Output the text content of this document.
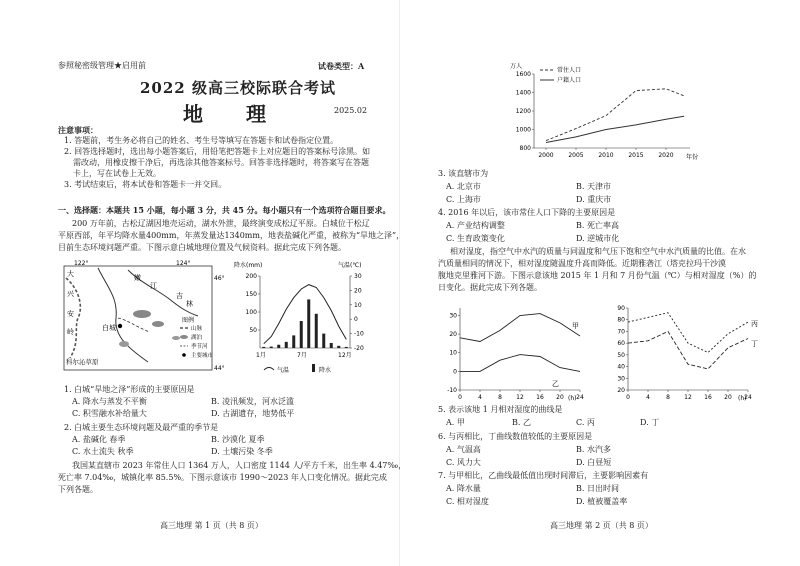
参照秘密级管理★启用前	试卷类型：A
2022 级高三校际联合考试
地 理	2025.02
注意事项：
1. 答题前，考生务必将自己的姓名、考生号等填写在答题卡和试卷指定位置。
2. 回答选择题时，选出每小题答案后，用铅笔把答题卡上对应题目的答案标号涂黑。如
需改动，用橡皮擦干净后，再选涂其他答案标号。回答非选择题时，将答案写在答题
卡上，写在试卷上无效。
3. 考试结束后，将本试卷和答题卡一并交回。
一、选择题：本题共 15 小题，每小题 3 分，共 45 分。每小题只有一个选项符合题目要求。
200 万年前，古松辽湖因地壳运动，湖水外泄，最终演变成松辽平原。白城位于松辽
平原西部，年平均降水量400mm，年蒸发量达1340mm，地表盐碱化严重，被称为“旱地之泽”，
目前生态环境问题严重。下图示意白城地理位置及气候资料。据此完成下列各题。
122°	124°
46°
44°
大
兴
安
岭
嫩
江
白城
吉
林
科尔沁草原
图例
山脉
湖泊
季节河
主要城市
降水(mm)	气温(℃)
200
150
100
50
30
20
10
0
-10
-20
1月	7月	12月
气温	降水
1. 白城“旱地之泽”形成的主要原因是
A. 降水与蒸发不平衡	B. 凌汛频发，河水泛滥
C. 积雪融水补给量大	D. 古湖遗存，地势低平
2. 白城主要生态环境问题及最严重的季节是
A. 盐碱化 春季	B. 沙漠化 夏季
C. 水土流失 秋季	D. 土壤污染 冬季
我国某直辖市 2023 年常住人口 1364 万人，人口密度 1144 人/平方千米，出生率 4.47‰，
死亡率 7.04‰，城镇化率 85.5%。下图示意该市 1990～2023 年人口变化情况。据此完成
下列各题。
高三地理 第 1 页（共 8 页）
万人
1600
1400
1200
1000
800
2000 2005 2010 2015 2020 年份
常住人口
户籍人口
3. 该直辖市为
A. 北京市	B. 天津市
C. 上海市	D. 重庆市
4. 2016 年以后，该市常住人口下降的主要原因是
A. 产业结构调整	B. 死亡率高
C. 生育政策变化	D. 逆城市化
相对湿度，指空气中水汽的质量与同温度和气压下饱和空气中水汽质量的比值。在水
汽质量相同的情况下，相对湿度随温度升高而降低。近期雅砻江（塔克拉玛干沙漠
腹地克里雅河下游。下图示意该地 2015 年 1 月和 7 月份气温（℃）与相对湿度（%）的
日变化。据此完成下列各题。
30
20
10
0
-10
0	4	8 12 16 20 24
(h)
甲
乙
90
80
70
60
50
40
30
20
0	4	8 12 16 20 24
(h)
丙
丁
5. 表示该地 1 月相对湿度的曲线是
A. 甲	B. 乙	C. 丙	D. 丁
6. 与丙相比，丁曲线数值较低的主要原因是
A. 气温高	B. 水汽多
C. 风力大	D. 白昼短
7. 与甲相比，乙曲线最低值出现时间滞后，主要影响因素有
A. 降水量	B. 日出时间
C. 相对湿度	D. 植被覆盖率
高三地理 第 2 页（共 8 页）
